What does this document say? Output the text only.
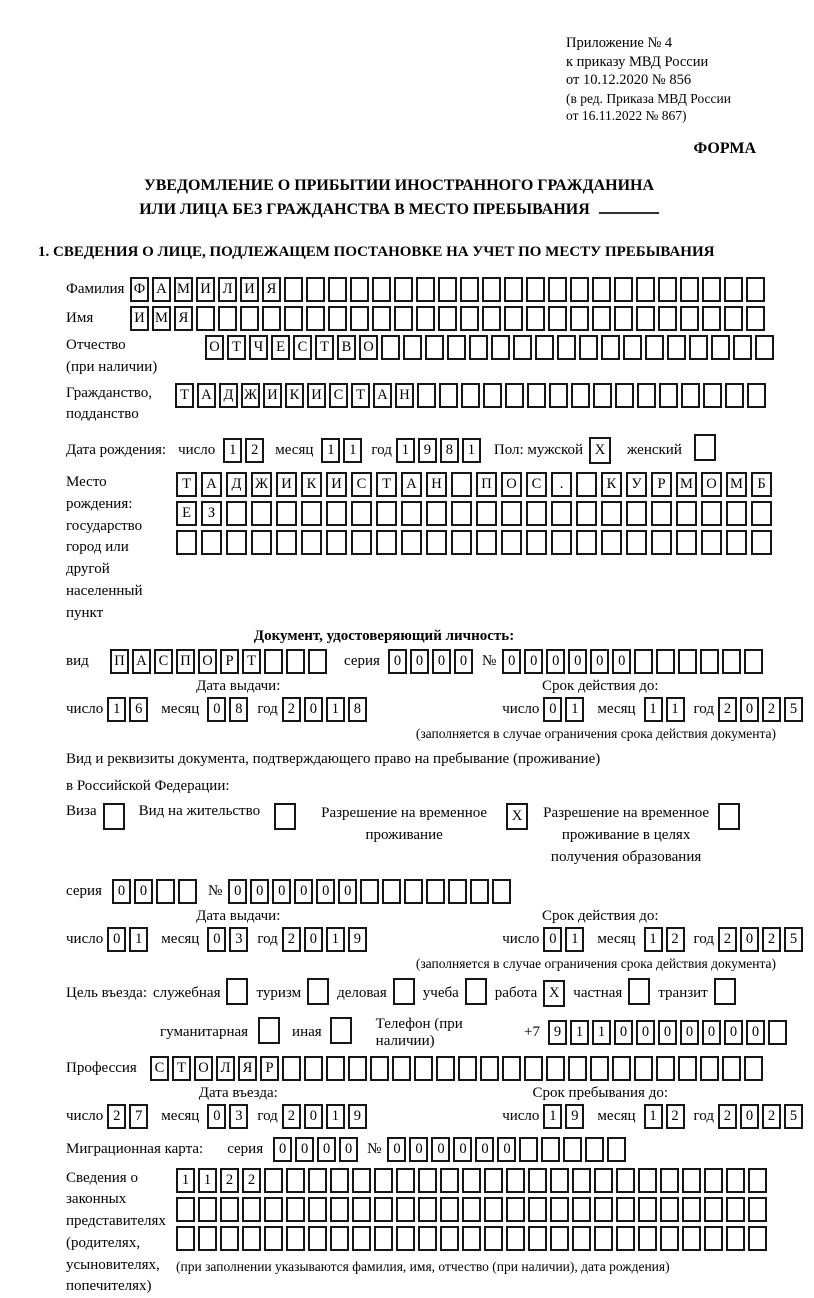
Приложение № 4
к приказу МВД России
от 10.12.2020 № 856
(в ред. Приказа МВД России
от 16.11.2022 № 867)
ФОРМА
УВЕДОМЛЕНИЕ О ПРИБЫТИИ ИНОСТРАННОГО ГРАЖДАНИНА
ИЛИ ЛИЦА БЕЗ ГРАЖДАНСТВА В МЕСТО ПРЕБЫВАНИЯ
1. СВЕДЕНИЯ О ЛИЦЕ, ПОДЛЕЖАЩЕМ ПОСТАНОВКЕ НА УЧЕТ ПО МЕСТУ ПРЕБЫВАНИЯ
Фамилия Ф А М И Л И Я
Имя	И М Я
Отчество
(при наличии)
О Т Ч Е С Т В О
Гражданство,
подданство
Т А Д Ж И К И С Т А Н
Дата рождения: число 1	2	месяц 1	1 год 1	9	8	1	Пол: мужской X	женский
Место рождения:
государство
город или другой
населенный пункт
Т	А	Д Ж И	К	И	С	Т	А	Н	П	О	С	.	К	У	Р	М О М Б
Е	З
Документ, удостоверяющий личность:
вид	П А С П О Р Т	серия 0	0	0	0 № 0	0	0	0	0	0
Дата выдачи:	Срок действия до:
число 1	6	месяц 0	8 год 2	0	1	8	число 0	1	месяц 1	1 год 2	0	2	5
(заполняется в случае ограничения срока действия документа)
Вид и реквизиты документа, подтверждающего право на пребывание (проживание)
в Российской Федерации:
Виза	Вид на жительство	Разрешение на временное проживание
X	Разрешение на временное проживание в целях получения образования
серия	0	0	№ 0	0	0	0	0	0
Дата выдачи:	Срок действия до:
число 0	1	месяц 0	3 год 2	0	1	9	число 0	1	месяц 1	2 год 2	0	2	5
(заполняется в случае ограничения срока действия документа)
Цель въезда: служебная туризм деловая учеба работа X частная транзит
гуманитарная	иная
Телефон (при наличии)
+7 9	1	1	0	0	0	0	0	0	0
Профессия	С Т О Л Я Р
Дата въезда:	Срок пребывания до:
число 2	7	месяц 0	3 год 2	0	1	9	число 1	9	месяц 1	2 год 2	0	2	5
Миграционная карта: серия	0	0	0	0 № 0	0	0	0	0	0
Сведения о
законных
представителях
(родителях,
усыновителях,
попечителях)
1	1	2	2
(при заполнении указываются фамилия, имя, отчество (при наличии), дата рождения)
